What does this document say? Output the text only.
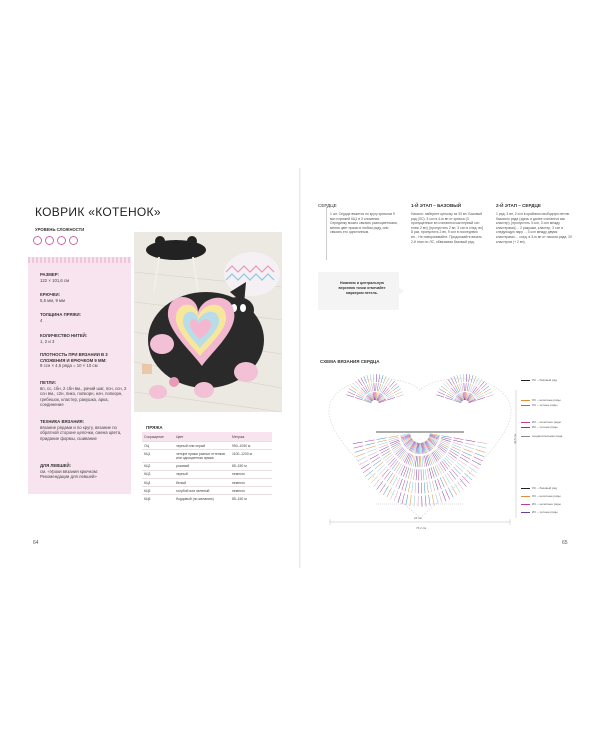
КОВРИК «КОТЕНОК»
УРОВЕНЬ СЛОЖНОСТИ
РАЗМЕР:
122 × 101,6 см
КРЮЧКИ:
5,5 мм, 9 мм
ТОЛЩИНА ПРЯЖИ:
4
КОЛИЧЕСТВО НИТЕЙ:
1, 2 и 3
ПЛОТНОСТЬ ПРИ ВЯЗАНИИ В 3 СЛОЖЕНИЯ И КРЮЧКОМ 9 ММ:
9 ссн × 4,5 ряда = 10 × 10 см
ПЕТЛИ:
вп, сс, сбн, 2 сбн вм., рачий шаг, псн, ссн, 2 ссн вм., с2н, пико, попкорн, нач. попкорн, гребешок, кластер, ракушка, арка, соединение
ТЕХНИКА ВЯЗАНИЯ:
вязание рядами и по кругу, вязание по обратной стороне цепочки, смена цвета, придание формы, сшивание
ДЛЯ ЛЕВШЕЙ:
см. «Уроки вязания крючком: Рекомендации для левшей»
ПРЯЖА
Сокращение	Цвет	Метраж
ОЦ	черный или серый	950–1050 м
КЦ1	четыре пряжи разных оттенков или одноцветная пряжа	1100–1200 м
КЦ2	розовый	85–150 м
КЦ3	черный	немного
КЦ4	белый	немного
КЦ5	голубой или зеленый	немного
КЦ6	бордовый (по желанию)	85–150 м
64
СЕРДЦЕ
1 шт. Сердце вяжется по кругу крючком 9 мм и пряжей КЦ1 в 3 сложения. Серединку можно связать разноцветными, меняя цвет пряжи в любом ряду, или связать его однотонным.
Нижнюю и центральную верхнюю точки отмечайте маркером петель.
1-Й ЭТАП – БАЗОВЫЙ
Начало: наберите цепочку из 33 вп. Базовый ряд (ЛС): 3 ссн в 4-ю вп от крючка (3 пропущенные вп считаются как первый ссн плюс 2 вп), [пропустить 2 вп, 3 ссн в след. вп] 8 раз, пропустить 2 вп, 9 ссн в последнюю вп... Не поворачивайте. Продолжайте вязать 2-й этап по ЛС, обвязывая базовый ряд.
2-Й ЭТАП – СЕРДЦЕ
1 ряд: 3 вп, 2 ссн в крайнюю свободную петлю базового ряда (здесь и далее считается как кластер), [пропустить 3 ссн, 3 ссн между кластерами] ... 2 ракушки, кластер, 3 ссн в следующую пару ... 3 ссн между двумя кластерами ... соед. в 3-ю вп от начала ряда, 20 кластеров (+ 2 вп).
СХЕМА ВЯЗАНИЯ СЕРДЦА
76,2 см
24 см
44,5 см
ЛС – базовый ряд
ЛС – нечетные ряды
ЛС – четные ряды
ИС – нечетные ряды
ИС – четные ряды
соединительная ряда
ЛС – базовый ряд
ЛС – нечетные ряды
ИС – нечетные ряды
ИС – четные ряды
65
